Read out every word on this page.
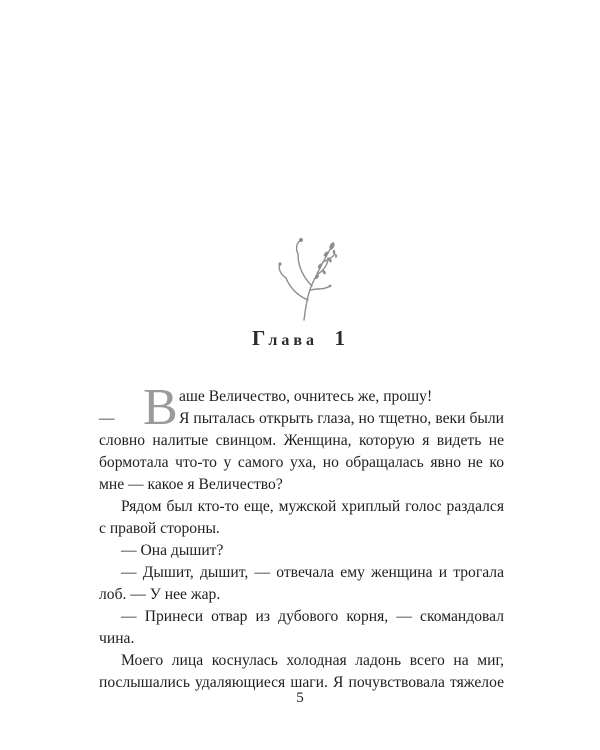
Глава 1
В аше Величество, очнитесь же, прошу!
—	Я пыталась открыть глаза, но тщетно, веки были
словно налитые свинцом. Женщина, которую я видеть не
бормотала что-то у самого уха, но обращалась явно не ко
мне — какое я Величество?
Рядом был кто-то еще, мужской хриплый голос раздался
с правой стороны.
— Она дышит?
— Дышит, дышит, — отвечала ему женщина и трогала
лоб. — У нее жар.
— Принеси отвар из дубового корня, — скомандовал
чина.
Моего лица коснулась холодная ладонь всего на миг,
послышались удаляющиеся шаги. Я почувствовала тяжелое
5
